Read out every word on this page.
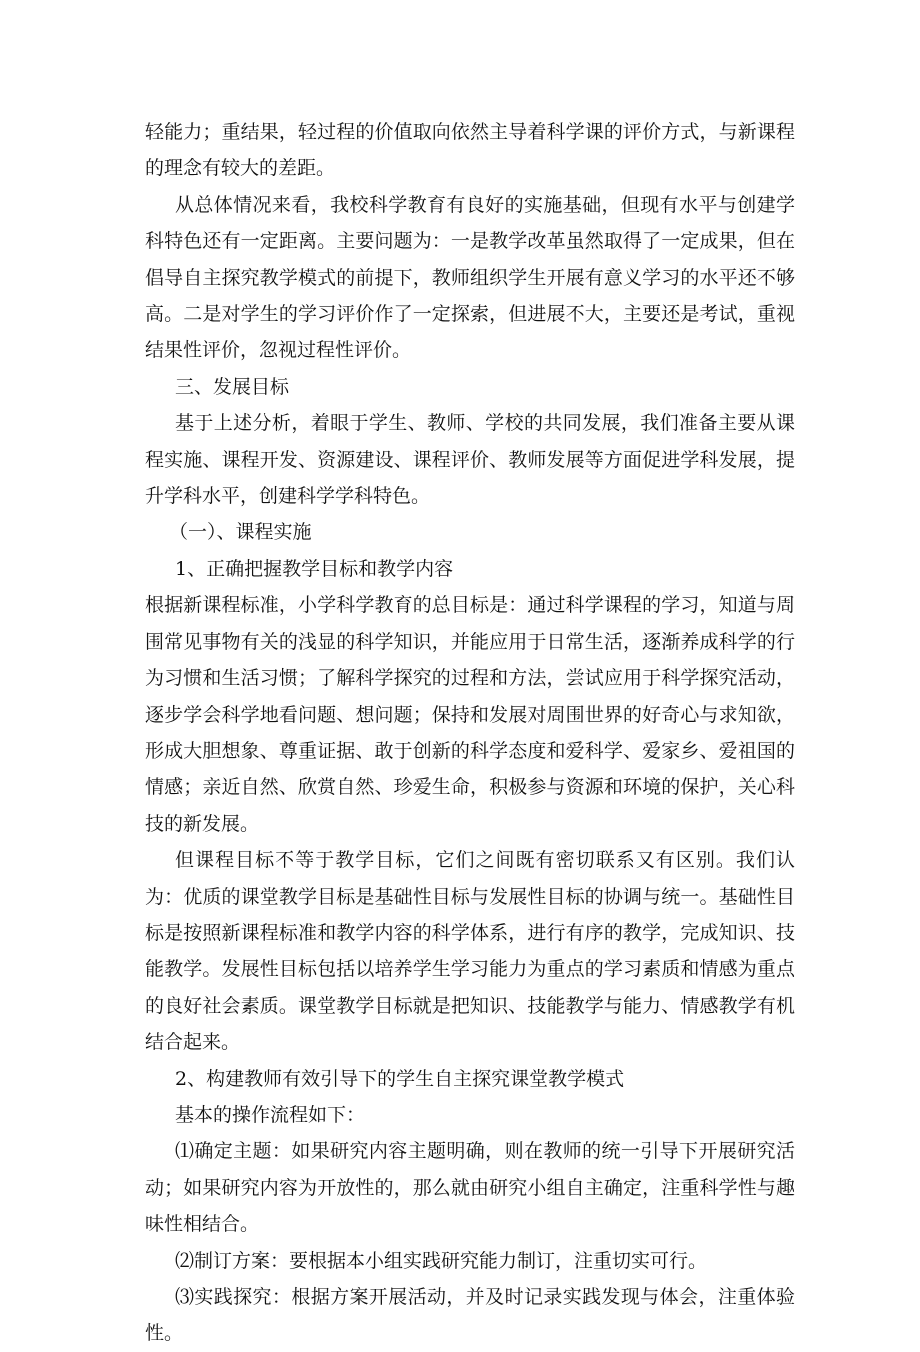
轻能力；重结果，轻过程的价值取向依然主导着科学课的评价方式，与新课程的理念有较大的差距。

从总体情况来看，我校科学教育有良好的实施基础，但现有水平与创建学科特色还有一定距离。主要问题为：一是教学改革虽然取得了一定成果，但在倡导自主探究教学模式的前提下，教师组织学生开展有意义学习的水平还不够高。二是对学生的学习评价作了一定探索，但进展不大，主要还是考试，重视结果性评价，忽视过程性评价。

三、发展目标

基于上述分析，着眼于学生、教师、学校的共同发展，我们准备主要从课程实施、课程开发、资源建设、课程评价、教师发展等方面促进学科发展，提升学科水平，创建科学学科特色。

（一）、课程实施

1、正确把握教学目标和教学内容

根据新课程标准，小学科学教育的总目标是：通过科学课程的学习，知道与周围常见事物有关的浅显的科学知识，并能应用于日常生活，逐渐养成科学的行为习惯和生活习惯；了解科学探究的过程和方法，尝试应用于科学探究活动，逐步学会科学地看问题、想问题；保持和发展对周围世界的好奇心与求知欲，形成大胆想象、尊重证据、敢于创新的科学态度和爱科学、爱家乡、爱祖国的情感；亲近自然、欣赏自然、珍爱生命，积极参与资源和环境的保护，关心科技的新发展。

但课程目标不等于教学目标，它们之间既有密切联系又有区别。我们认为：优质的课堂教学目标是基础性目标与发展性目标的协调与统一。基础性目标是按照新课程标准和教学内容的科学体系，进行有序的教学，完成知识、技能教学。发展性目标包括以培养学生学习能力为重点的学习素质和情感为重点的良好社会素质。课堂教学目标就是把知识、技能教学与能力、情感教学有机结合起来。

2、构建教师有效引导下的学生自主探究课堂教学模式

基本的操作流程如下：

⑴确定主题：如果研究内容主题明确，则在教师的统一引导下开展研究活动；如果研究内容为开放性的，那么就由研究小组自主确定，注重科学性与趣味性相结合。

⑵制订方案：要根据本小组实践研究能力制订，注重切实可行。

⑶实践探究：根据方案开展活动，并及时记录实践发现与体会，注重体验性。
